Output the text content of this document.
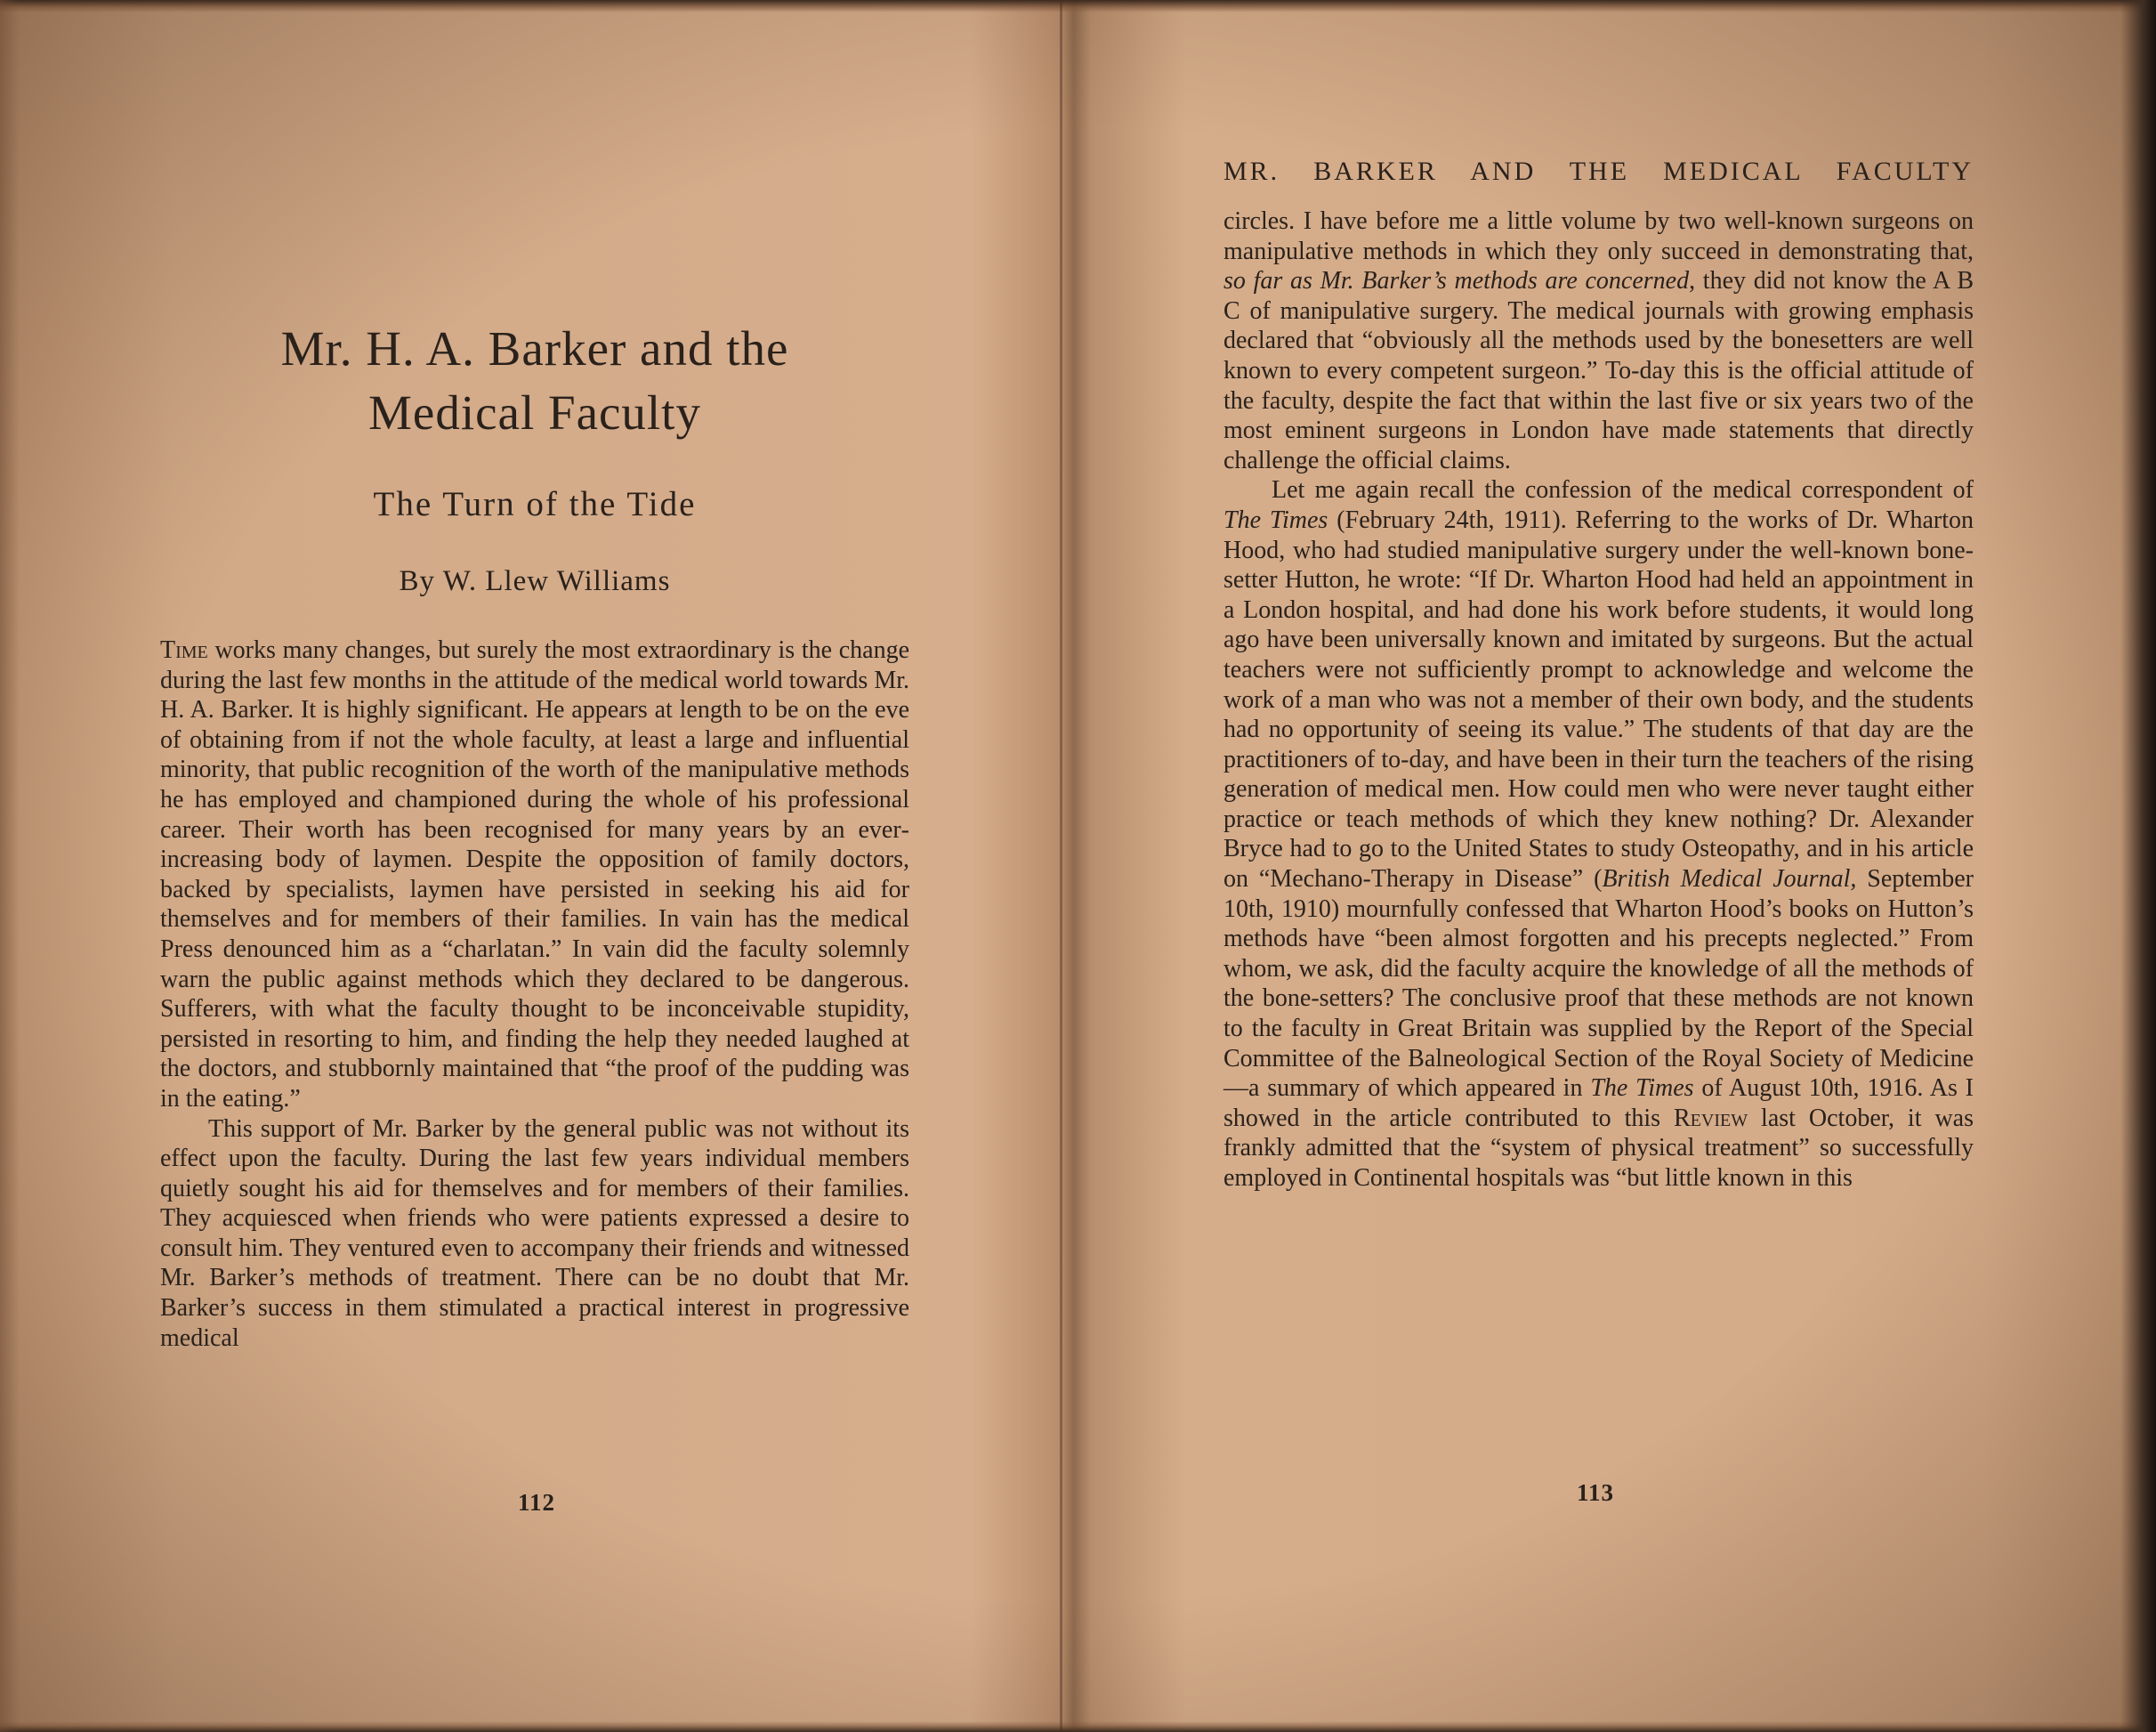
Mr. H. A. Barker and the
Medical Faculty
The Turn of the Tide
By W. Llew Williams

Time works many changes, but surely the most extraordinary is the change during the last few months in the attitude of the medical world towards Mr. H. A. Barker. It is highly significant. He appears at length to be on the eve of obtaining from if not the whole faculty, at least a large and influential minority, that public recognition of the worth of the manipulative methods he has employed and championed during the whole of his professional career. Their worth has been recognised for many years by an everincreasing body of laymen. Despite the opposition of family doctors, backed by specialists, laymen have persisted in seeking his aid for themselves and for members of their families. In vain has the medical Press denounced him as a “charlatan.” In vain did the faculty solemnly warn the public against methods which they declared to be dangerous. Sufferers, with what the faculty thought to be inconceivable stupidity, persisted in resorting to him, and finding the help they needed laughed at the doctors, and stubbornly maintained that “the proof of the pudding was in the eating.”

This support of Mr. Barker by the general public was not without its effect upon the faculty. During the last few years individual members quietly sought his aid for themselves and for members of their families. They acquiesced when friends who were patients expressed a desire to consult him. They ventured even to accompany their friends and witnessed Mr. Barker’s methods of treatment. There can be no doubt that Mr. Barker’s success in them stimulated a practical interest in progressive medical

112
MR. BARKER AND THE MEDICAL FACULTY

circles. I have before me a little volume by two well-known surgeons on manipulative methods in which they only succeed in demonstrating that, so far as Mr. Barker’s methods are concerned, they did not know the A B C of manipulative surgery. The medical journals with growing emphasis declared that “obviously all the methods used by the bonesetters are well known to every competent surgeon.” To-day this is the official attitude of the faculty, despite the fact that within the last five or six years two of the most eminent surgeons in London have made statements that directly challenge the official claims.

Let me again recall the confession of the medical correspondent of The Times (February 24th, 1911). Referring to the works of Dr. Wharton Hood, who had studied manipulative surgery under the well-known bone-setter Hutton, he wrote: “If Dr. Wharton Hood had held an appointment in a London hospital, and had done his work before students, it would long ago have been universally known and imitated by surgeons. But the actual teachers were not sufficiently prompt to acknowledge and welcome the work of a man who was not a member of their own body, and the students had no opportunity of seeing its value.” The students of that day are the practitioners of to-day, and have been in their turn the teachers of the rising generation of medical men. How could men who were never taught either practice or teach methods of which they knew nothing? Dr. Alexander Bryce had to go to the United States to study Osteopathy, and in his article on “Mechano-Therapy in Disease” (British Medical Journal, September 10th, 1910) mournfully confessed that Wharton Hood’s books on Hutton’s methods have “been almost forgotten and his precepts neglected.” From whom, we ask, did the faculty acquire the knowledge of all the methods of the bone-setters? The conclusive proof that these methods are not known to the faculty in Great Britain was supplied by the Report of the Special Committee of the Balneological Section of the Royal Society of Medicine —a summary of which appeared in The Times of August 10th, 1916. As I showed in the article contributed to this Review last October, it was frankly admitted that the “system of physical treatment” so successfully employed in Continental hospitals was “but little known in this

113
